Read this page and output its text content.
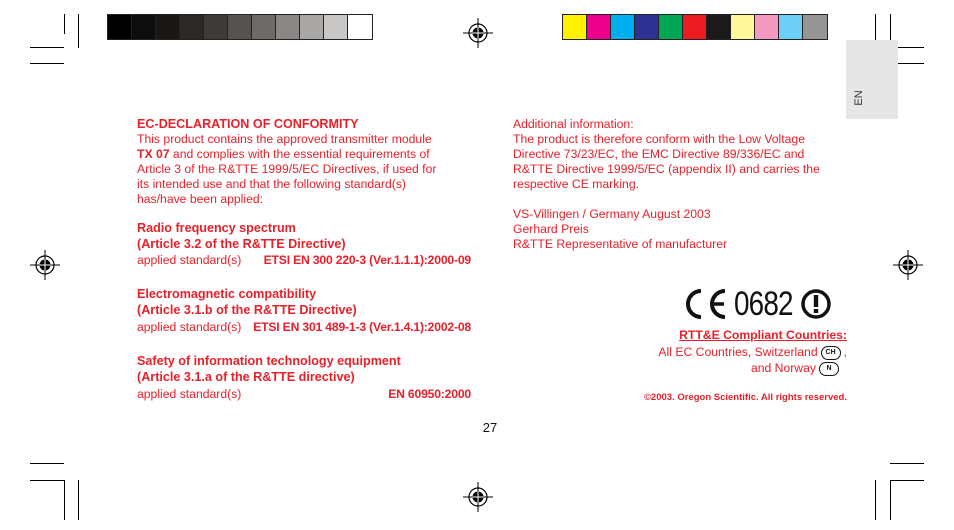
EN
EC-DECLARATION OF CONFORMITY
This product contains the approved transmitter module
TX 07 and complies with the essential requirements of
Article 3 of the R&TTE 1999/5/EC Directives, if used for
its intended use and that the following standard(s)
has/have been applied:
Radio frequency spectrum
(Article 3.2 of the R&TTE Directive)
applied standard(s) ETSI EN 300 220-3 (Ver.1.1.1):2000-09
Electromagnetic compatibility
(Article 3.1.b of the R&TTE Directive)
applied standard(s) ETSI EN 301 489-1-3 (Ver.1.4.1):2002-08
Safety of information technology equipment
(Article 3.1.a of the R&TTE directive)
applied standard(s)	EN 60950:2000
Additional information:
The product is therefore conform with the Low Voltage
Directive 73/23/EC, the EMC Directive 89/336/EC and
R&TTE Directive 1999/5/EC (appendix II) and carries the
respective CE marking.
VS-Villingen / Germany August 2003
Gerhard Preis
R&TTE Representative of manufacturer
0682
RTT&E Compliant Countries:
All EC Countries, Switzerland CH ,
and Norway N
©2003. Oregon Scientific. All rights reserved.
27
